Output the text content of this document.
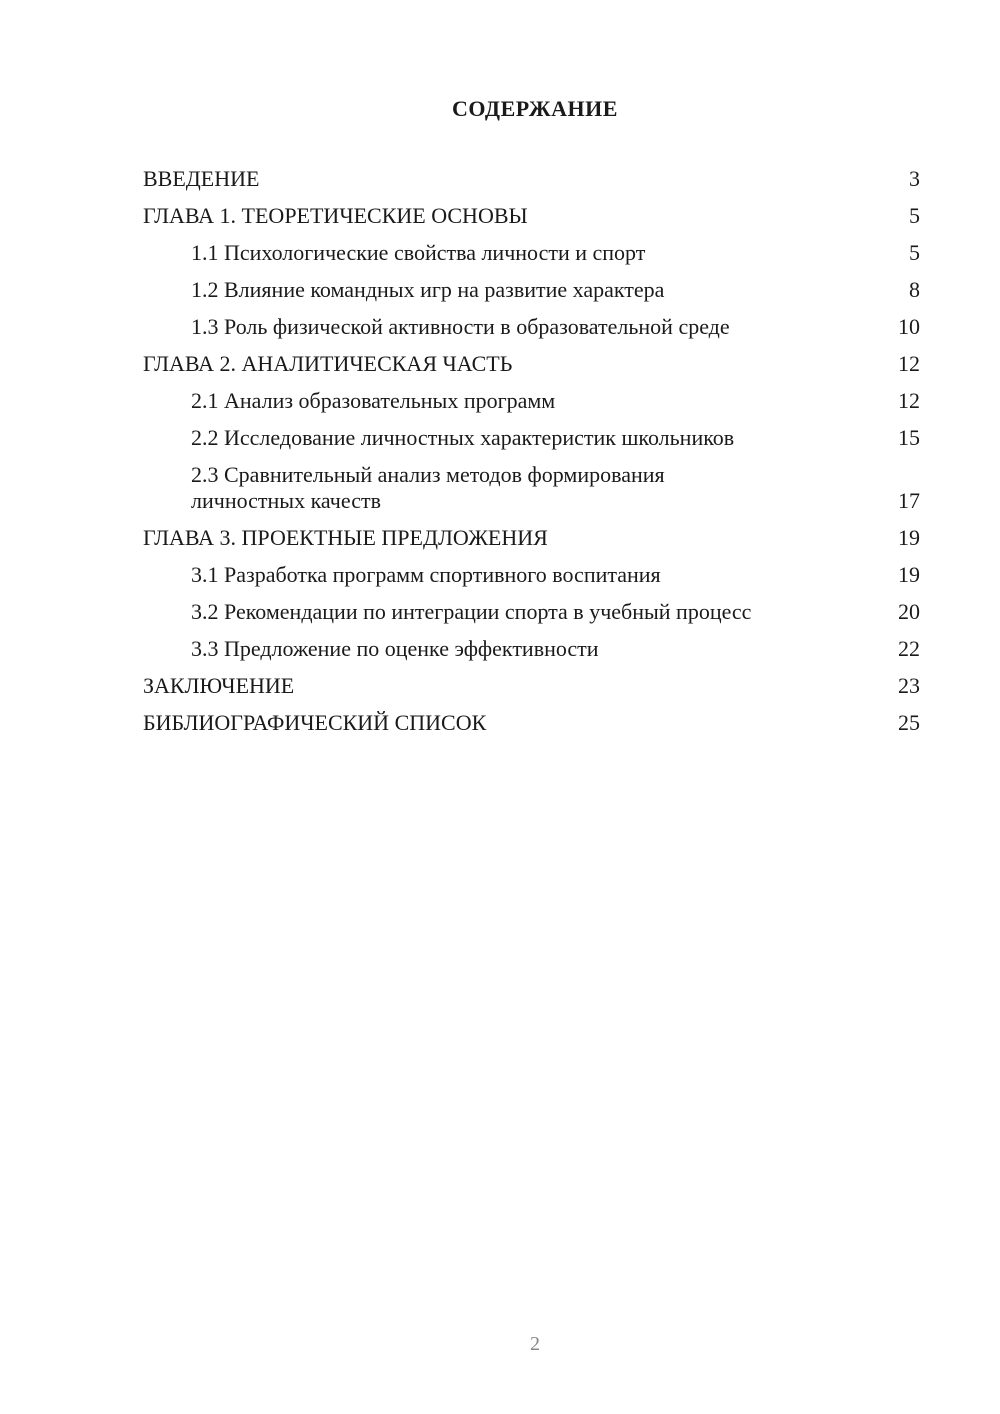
СОДЕРЖАНИЕ
ВВЕДЕНИЕ	3
ГЛАВА 1. ТЕОРЕТИЧЕСКИЕ ОСНОВЫ	5
1.1 Психологические свойства личности и спорт	5
1.2 Влияние командных игр на развитие характера	8
1.3 Роль физической активности в образовательной среде	10
ГЛАВА 2. АНАЛИТИЧЕСКАЯ ЧАСТЬ	12
2.1 Анализ образовательных программ	12
2.2 Исследование личностных характеристик школьников	15
2.3 Сравнительный анализ методов формирования личностных качеств	17
ГЛАВА 3. ПРОЕКТНЫЕ ПРЕДЛОЖЕНИЯ	19
3.1 Разработка программ спортивного воспитания	19
3.2 Рекомендации по интеграции спорта в учебный процесс	20
3.3 Предложение по оценке эффективности	22
ЗАКЛЮЧЕНИЕ	23
БИБЛИОГРАФИЧЕСКИЙ СПИСОК	25
2
